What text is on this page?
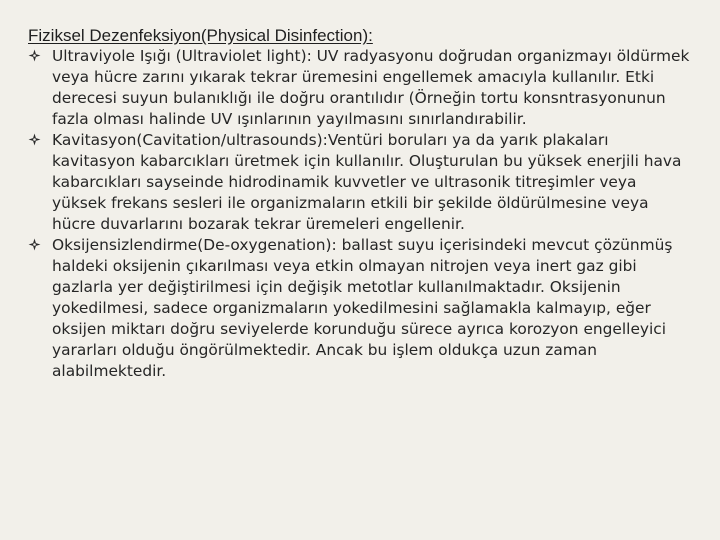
Fiziksel Dezenfeksiyon(Physical Disinfection):

Ultraviyole Işığı (Ultraviolet light): UV radyasyonu doğrudan organizmayı öldürmek veya hücre zarını yıkarak tekrar üremesini engellemek amacıyla kullanılır. Etki derecesi suyun bulanıklığı ile doğru orantılıdır (Örneğin tortu konsntrasyonunun fazla olması halinde UV ışınlarının yayılmasını sınırlandırabilir.
Kavitasyon(Cavitation/ultrasounds):Ventüri boruları ya da yarık plakaları kavitasyon kabarcıkları üretmek için kullanılır. Oluşturulan bu yüksek enerjili hava kabarcıkları sayseinde hidrodinamik kuvvetler ve ultrasonik titreşimler veya yüksek frekans sesleri ile organizmaların etkili bir şekilde öldürülmesine veya hücre duvarlarını bozarak tekrar üremeleri engellenir.
Oksijensizlendirme(De-oxygenation): ballast suyu içerisindeki mevcut çözünmüş haldeki oksijenin çıkarılması veya etkin olmayan nitrojen veya inert gaz gibi gazlarla yer değiştirilmesi için değişik metotlar kullanılmaktadır. Oksijenin yokedilmesi, sadece organizmaların yokedilmesini sağlamakla kalmayıp, eğer oksijen miktarı doğru seviyelerde korunduğu sürece ayrıca korozyon engelleyici yararları olduğu öngörülmektedir. Ancak bu işlem oldukça uzun zaman alabilmektedir.
